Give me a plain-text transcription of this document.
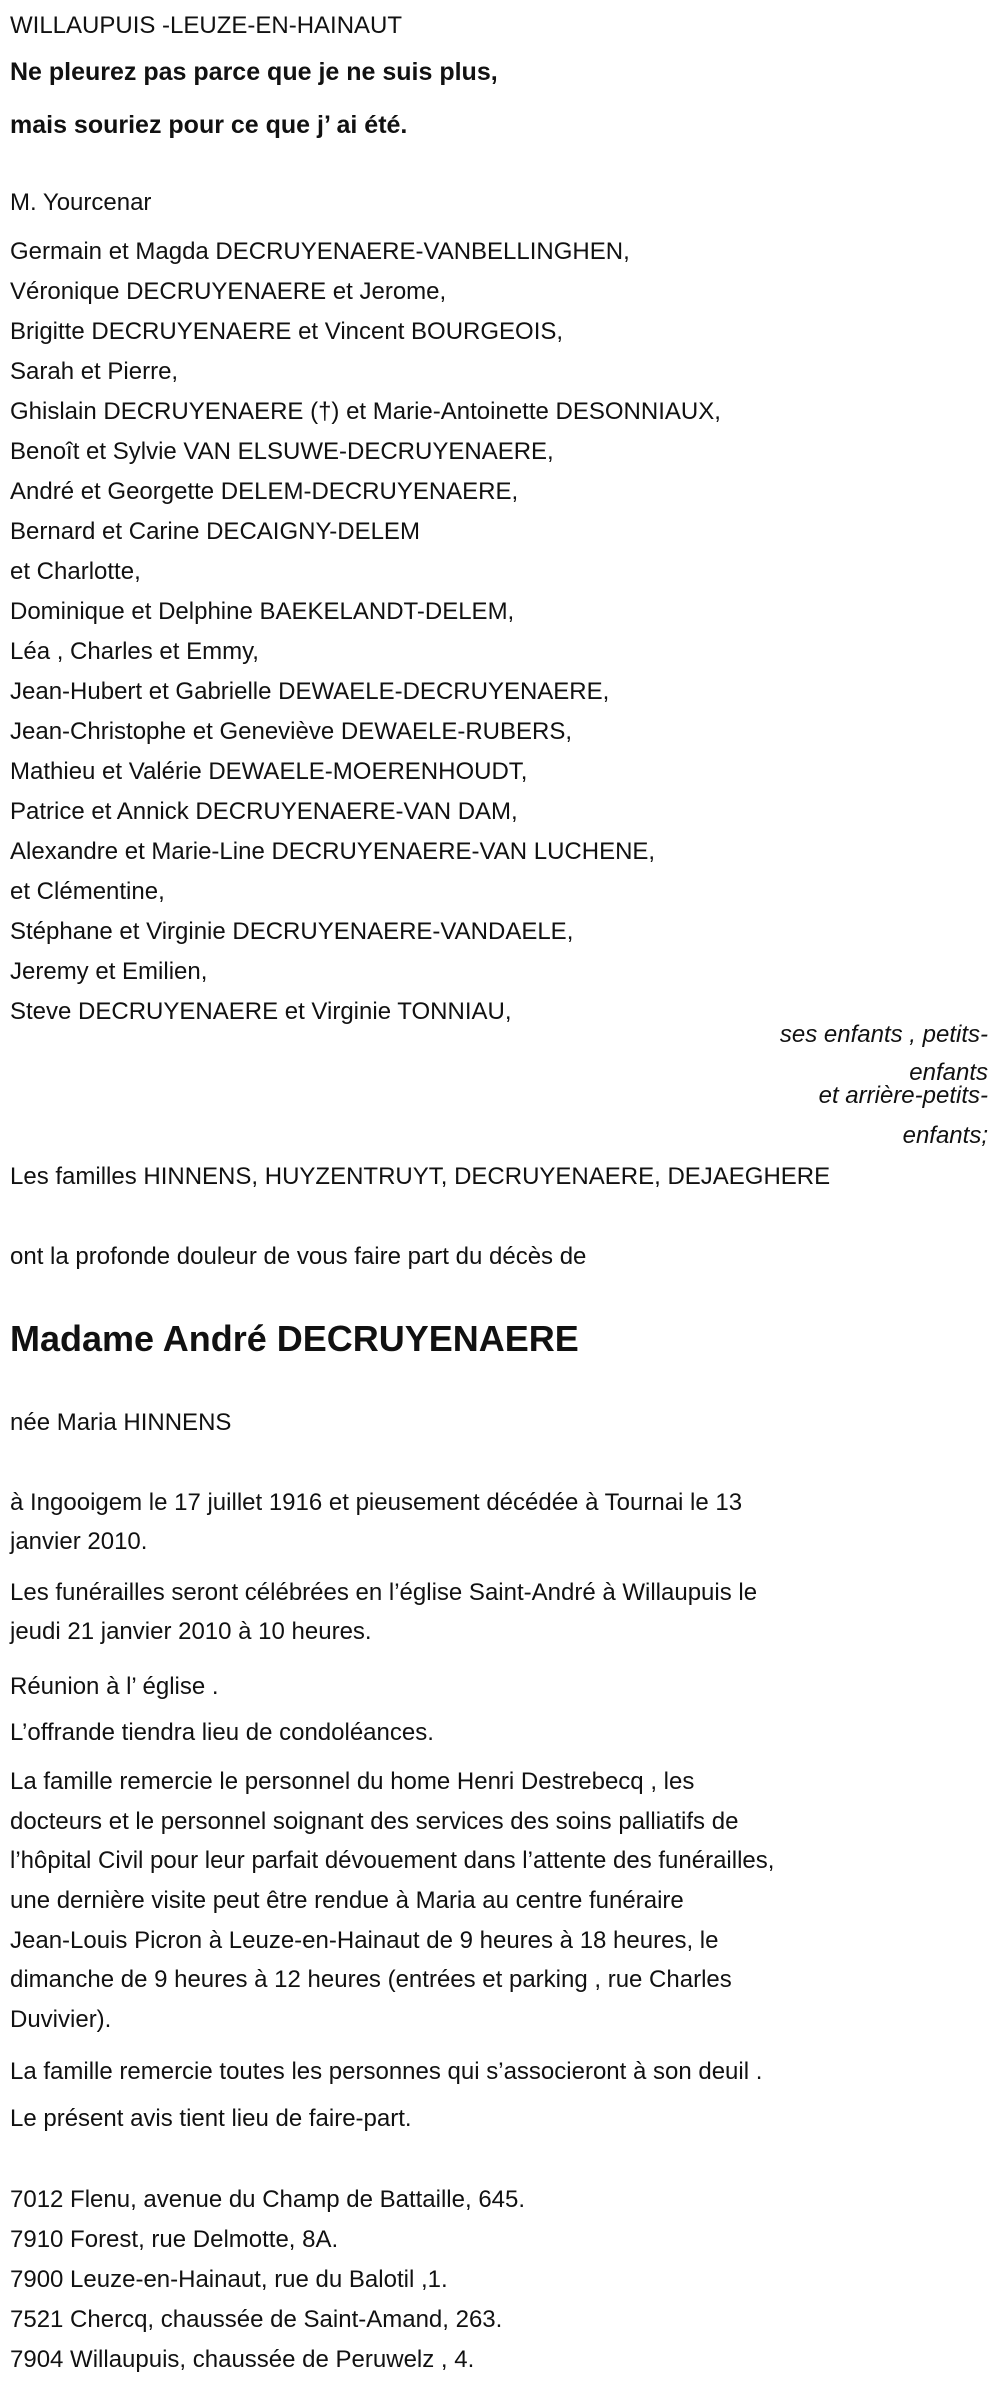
WILLAUPUIS -LEUZE-EN-HAINAUT
Ne pleurez pas parce que je ne suis plus,
mais souriez pour ce que j’ ai été.
M. Yourcenar
Germain et Magda DECRUYENAERE-VANBELLINGHEN,
Véronique DECRUYENAERE et Jerome,
Brigitte DECRUYENAERE et Vincent BOURGEOIS,
Sarah et Pierre,
Ghislain DECRUYENAERE (†) et Marie-Antoinette DESONNIAUX,
Benoît et Sylvie VAN ELSUWE-DECRUYENAERE,
André et Georgette DELEM-DECRUYENAERE,
Bernard et Carine DECAIGNY-DELEM
et Charlotte,
Dominique et Delphine BAEKELANDT-DELEM,
Léa , Charles et Emmy,
Jean-Hubert et Gabrielle DEWAELE-DECRUYENAERE,
Jean-Christophe et Geneviève DEWAELE-RUBERS,
Mathieu et Valérie DEWAELE-MOERENHOUDT,
Patrice et Annick DECRUYENAERE-VAN DAM,
Alexandre et Marie-Line DECRUYENAERE-VAN LUCHENE,
et Clémentine,
Stéphane et Virginie DECRUYENAERE-VANDAELE,
Jeremy et Emilien,
Steve DECRUYENAERE et Virginie TONNIAU,
ses enfants , petits-
enfants
et arrière-petits-
enfants;
Les familles HINNENS, HUYZENTRUYT, DECRUYENAERE, DEJAEGHERE
ont la profonde douleur de vous faire part du décès de
Madame André DECRUYENAERE
née Maria HINNENS
à Ingooigem le 17 juillet 1916 et pieusement décédée à Tournai le 13
janvier 2010.
Les funérailles seront célébrées en l’église Saint-André à Willaupuis le
jeudi 21 janvier 2010 à 10 heures.
Réunion à l’ église .
L’offrande tiendra lieu de condoléances.
La famille remercie le personnel du home Henri Destrebecq , les
docteurs et le personnel soignant des services des soins palliatifs de
l’hôpital Civil pour leur parfait dévouement dans l’attente des funérailles,
une dernière visite peut être rendue à Maria au centre funéraire
Jean-Louis Picron à Leuze-en-Hainaut de 9 heures à 18 heures, le
dimanche de 9 heures à 12 heures (entrées et parking , rue Charles
Duvivier).
La famille remercie toutes les personnes qui s’associeront à son deuil .
Le présent avis tient lieu de faire-part.
7012 Flenu, avenue du Champ de Battaille, 645.
7910 Forest, rue Delmotte, 8A.
7900 Leuze-en-Hainaut, rue du Balotil ,1.
7521 Chercq, chaussée de Saint-Amand, 263.
7904 Willaupuis, chaussée de Peruwelz , 4.
